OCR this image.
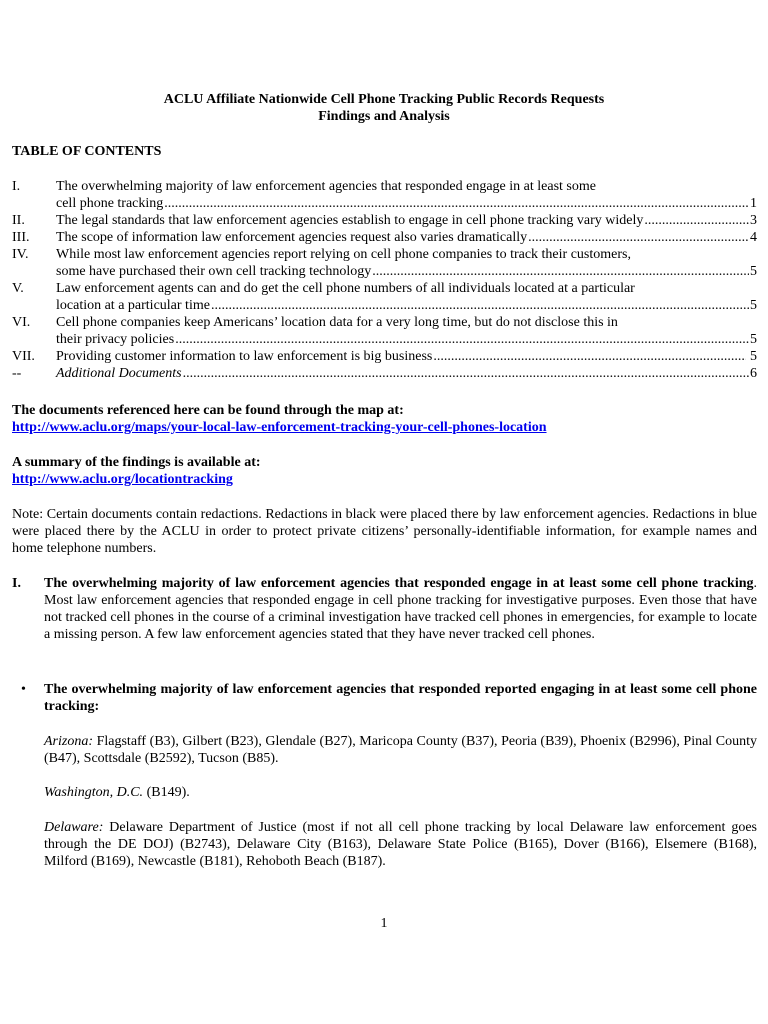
ACLU Affiliate Nationwide Cell Phone Tracking Public Records Requests
Findings and Analysis
TABLE OF CONTENTS
I.	The overwhelming majority of law enforcement agencies that responded engage in at least some
cell phone tracking .....	1
II. The legal standards that law enforcement agencies establish to engage in cell phone tracking vary widely .....	3
III. The scope of information law enforcement agencies request also varies dramatically .....	4
IV. While most law enforcement agencies report relying on cell phone companies to track their customers,
some have purchased their own cell tracking technology .....	5
V. Law enforcement agents can and do get the cell phone numbers of all individuals located at a particular
location at a particular time .....	5
VI. Cell phone companies keep Americans’ location data for a very long time, but do not disclose this in
their privacy policies .....	5
VII. Providing customer information to law enforcement is big business .....	5
-- Additional Documents .....	6
The documents referenced here can be found through the map at:
http://www.aclu.org/maps/your-local-law-enforcement-tracking-your-cell-phones-location
A summary of the findings is available at:
http://www.aclu.org/locationtracking
Note: Certain documents contain redactions. Redactions in black were placed there by law enforcement agencies. Redactions in blue were placed there by the ACLU in order to protect private citizens’ personally-identifiable information, for example names and home telephone numbers.
I. The overwhelming majority of law enforcement agencies that responded engage in at least some cell phone tracking. Most law enforcement agencies that responded engage in cell phone tracking for investigative purposes. Even those that have not tracked cell phones in the course of a criminal investigation have tracked cell phones in emergencies, for example to locate a missing person. A few law enforcement agencies stated that they have never tracked cell phones.
• The overwhelming majority of law enforcement agencies that responded reported engaging in at least some cell phone tracking:
Arizona: Flagstaff (B3), Gilbert (B23), Glendale (B27), Maricopa County (B37), Peoria (B39), Phoenix (B2996), Pinal County (B47), Scottsdale (B2592), Tucson (B85).
Washington, D.C. (B149).
Delaware: Delaware Department of Justice (most if not all cell phone tracking by local Delaware law enforcement goes through the DE DOJ) (B2743), Delaware City (B163), Delaware State Police (B165), Dover (B166), Elsemere (B168), Milford (B169), Newcastle (B181), Rehoboth Beach (B187).
1
